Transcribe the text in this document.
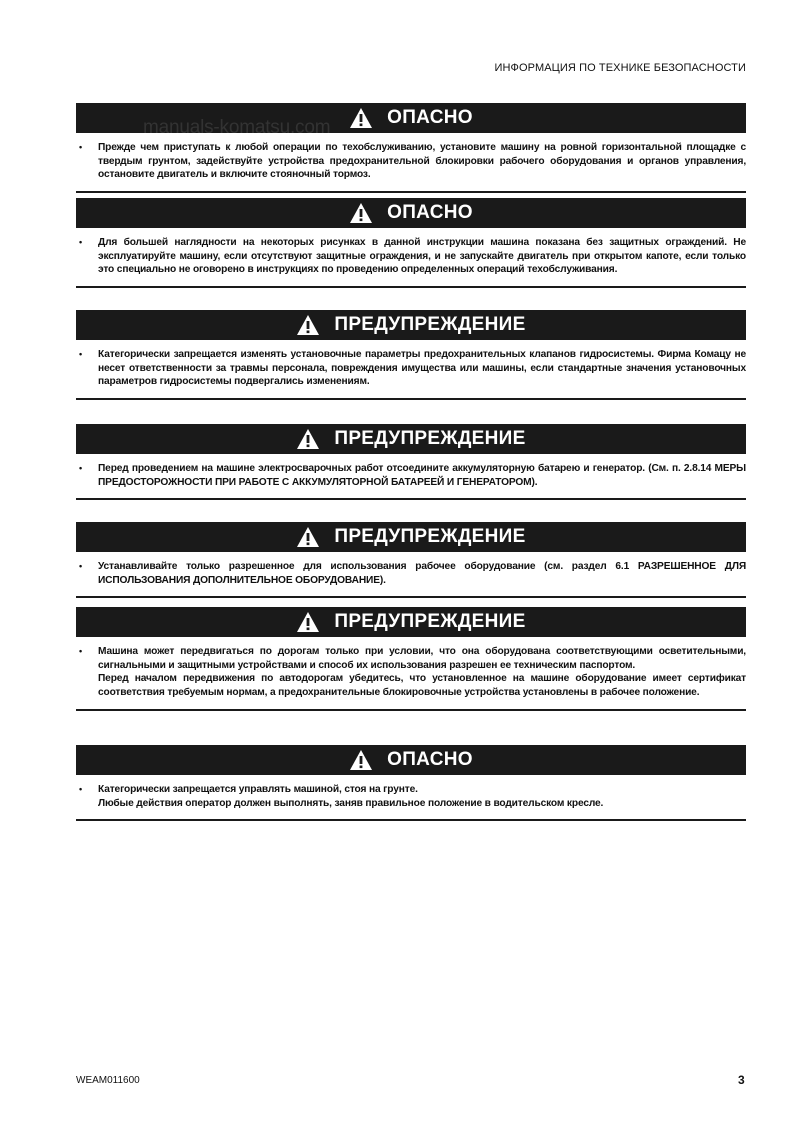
ИНФОРМАЦИЯ ПО ТЕХНИКЕ БЕЗОПАСНОСТИ
ОПАСНО
• Прежде чем приступать к любой операции по техобслуживанию, установите машину на ровной горизонтальной площадке с твердым грунтом, задействуйте устройства предохранительной блокировки рабочего оборудования и органов управления, остановите двигатель и включите стояночный тормоз.

ОПАСНО
• Для большей наглядности на некоторых рисунках в данной инструкции машина показана без защитных ограждений. Не эксплуатируйте машину, если отсутствуют защитные ограждения, и не запускайте двигатель при открытом капоте, если только это специально не оговорено в инструкциях по проведению определенных операций техобслуживания.

ПРЕДУПРЕЖДЕНИЕ
• Категорически запрещается изменять установочные параметры предохранительных клапанов гидросистемы. Фирма Комацу не несет ответственности за травмы персонала, повреждения имущества или машины, если стандартные значения установочных параметров гидросистемы подвергались изменениям.

ПРЕДУПРЕЖДЕНИЕ
• Перед проведением на машине электросварочных работ отсоедините аккумуляторную батарею и генератор. (См. п. 2.8.14 МЕРЫ ПРЕДОСТОРОЖНОСТИ ПРИ РАБОТЕ С АККУМУЛЯТОРНОЙ БАТАРЕЕЙ И ГЕНЕРАТОРОМ).

ПРЕДУПРЕЖДЕНИЕ
• Устанавливайте только разрешенное для использования рабочее оборудование (см. раздел 6.1 РАЗРЕШЕННОЕ ДЛЯ ИСПОЛЬЗОВАНИЯ ДОПОЛНИТЕЛЬНОЕ ОБОРУДОВАНИЕ).

ПРЕДУПРЕЖДЕНИЕ
• Машина может передвигаться по дорогам только при условии, что она оборудована соответствующими осветительными, сигнальными и защитными устройствами и способ их использования разрешен ее техническим паспортом.

Перед началом передвижения по автодорогам убедитесь, что установленное на машине оборудование имеет сертификат соответствия требуемым нормам, а предохранительные блокировочные устройства установлены в рабочее положение.

ОПАСНО
• Категорически запрещается управлять машиной, стоя на грунте.

Любые действия оператор должен выполнять, заняв правильное положение в водительском кресле.

manuals-komatsu.com
WEAM011600	3
